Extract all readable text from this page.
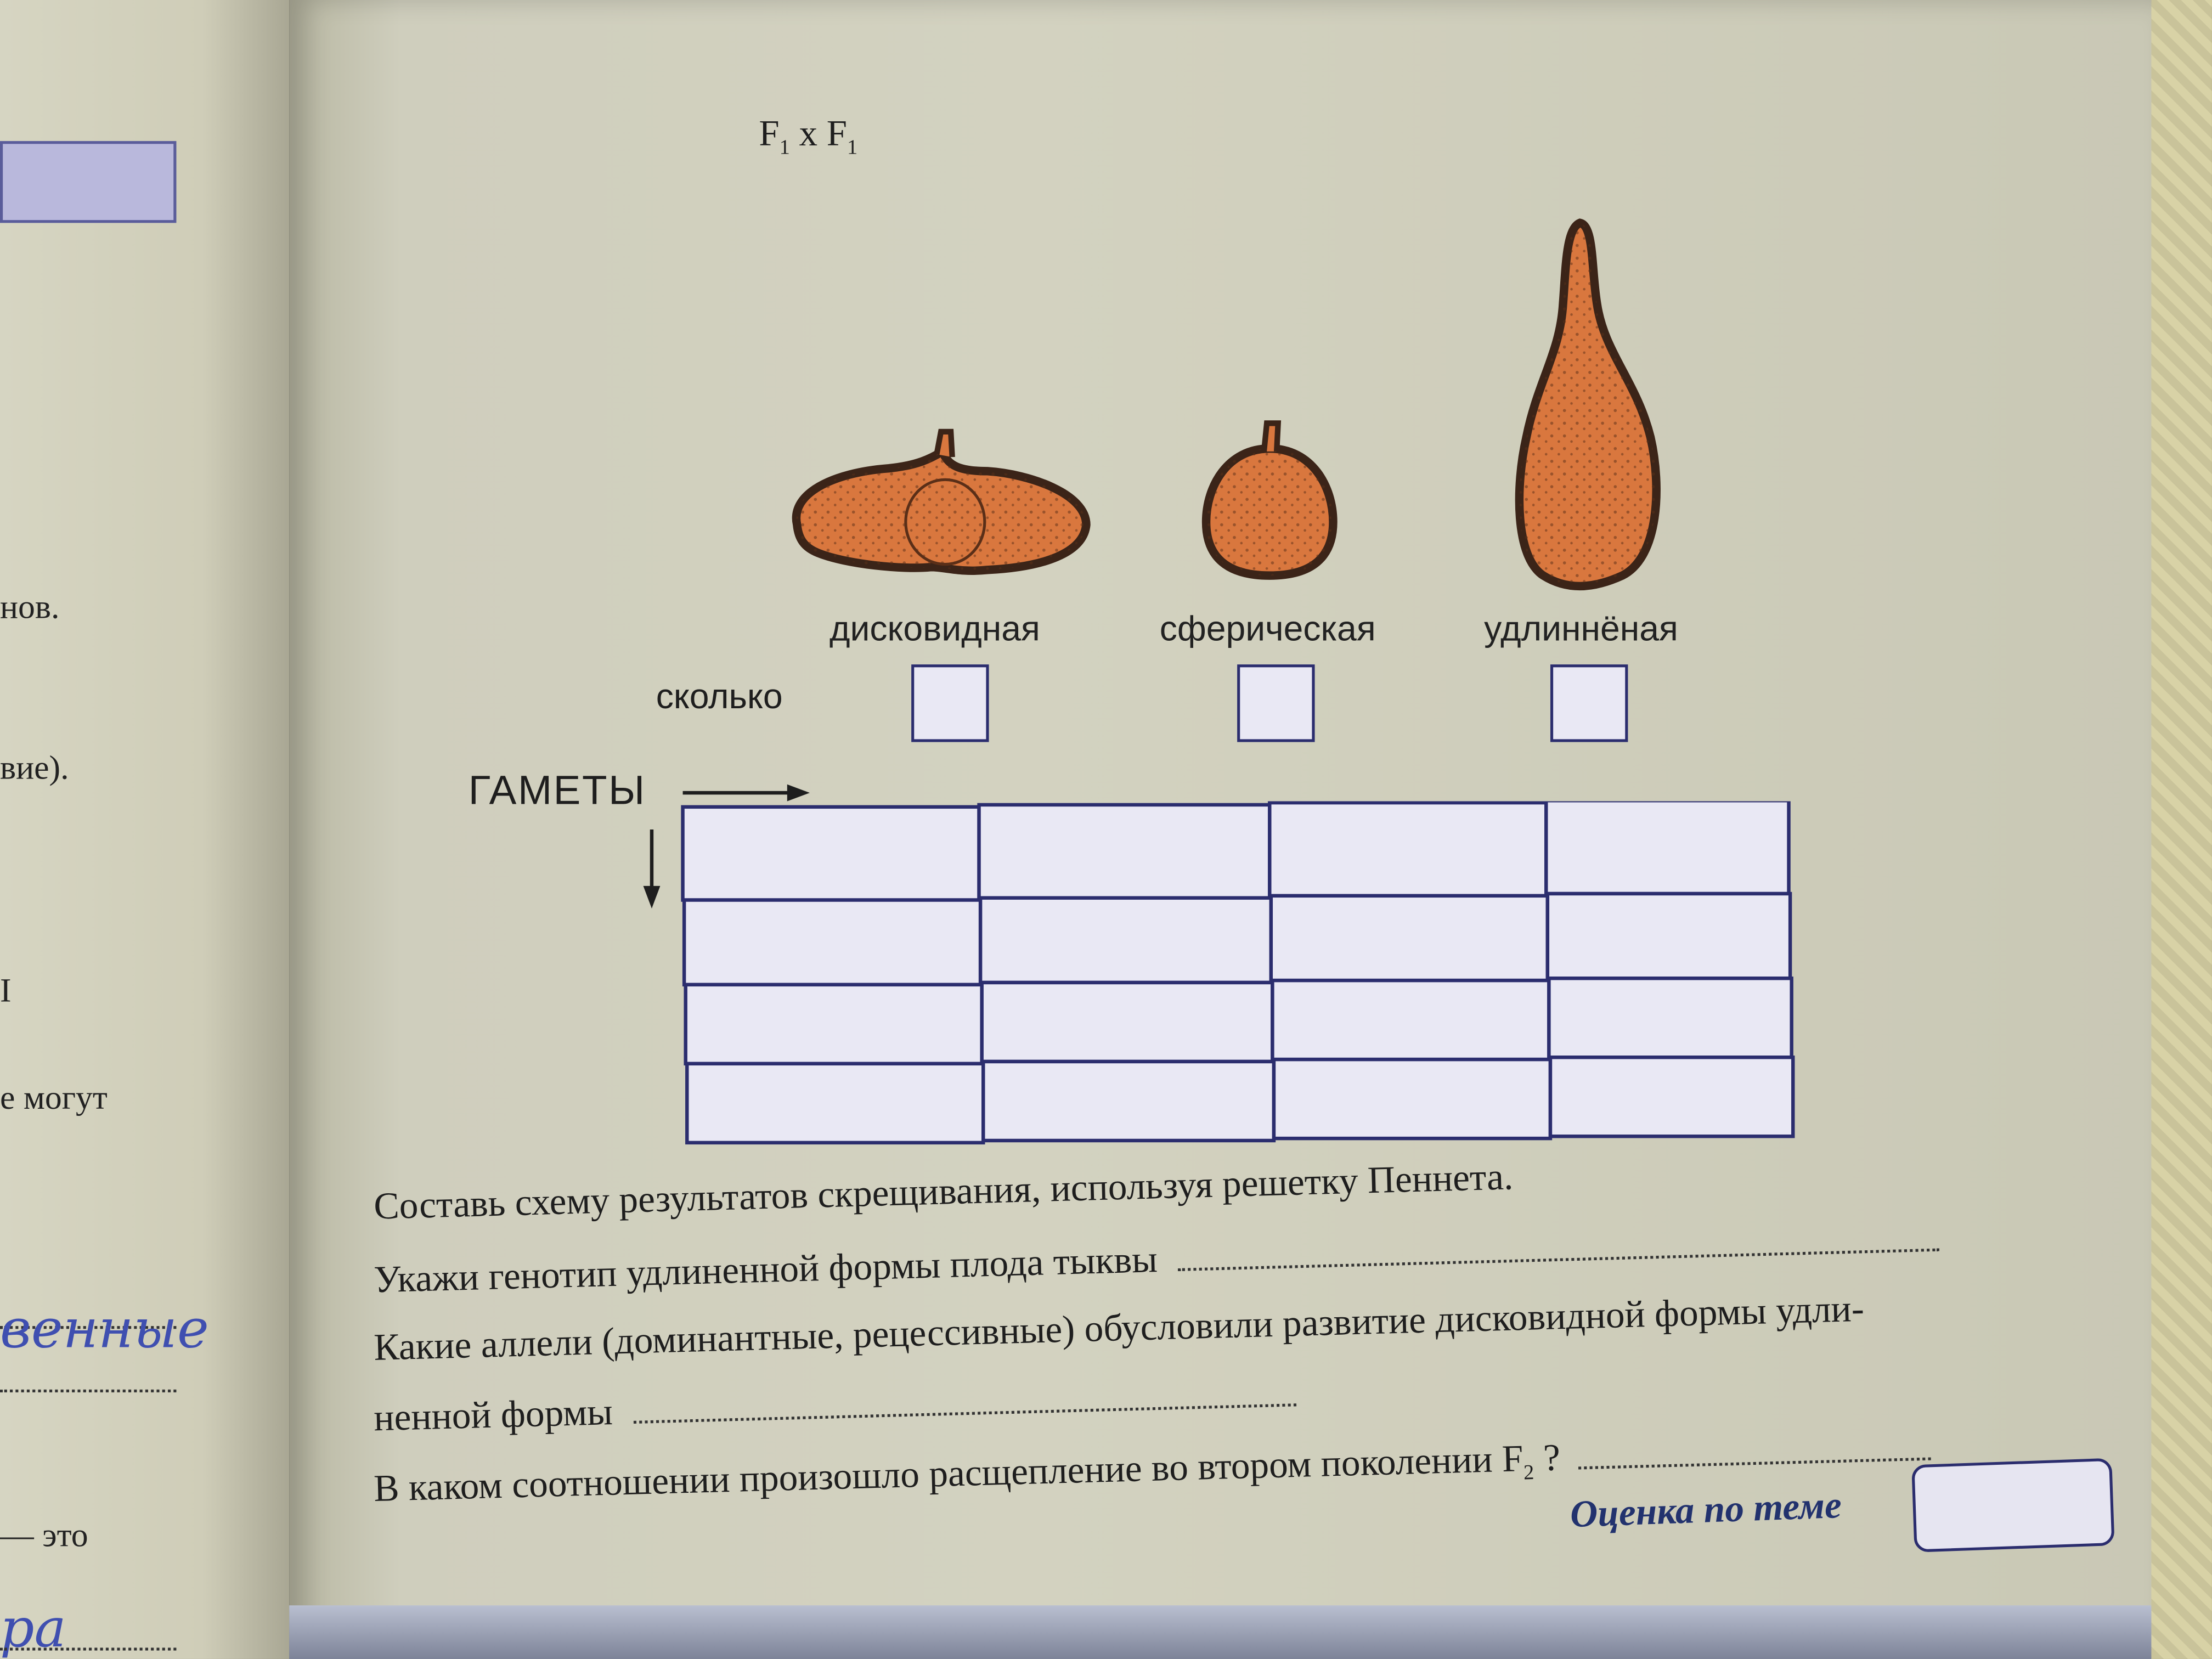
нов.
вие).
I
е могут
венные
— это
ра
$F_1$ x $F_1$
дисковидная	сферическая	удлиннёная
сколько
ГАМЕТЫ
Составь схему результатов скрещивания, используя решетку Пеннета.
Укажи генотип удлиненной формы плода тыквы
Какие аллели (доминантные, рецессивные) обусловили развитие дисковидной формы удли-
ненной формы
В каком соотношении произошло расщепление во втором поколении $F_2$ ?
Оценка по теме
